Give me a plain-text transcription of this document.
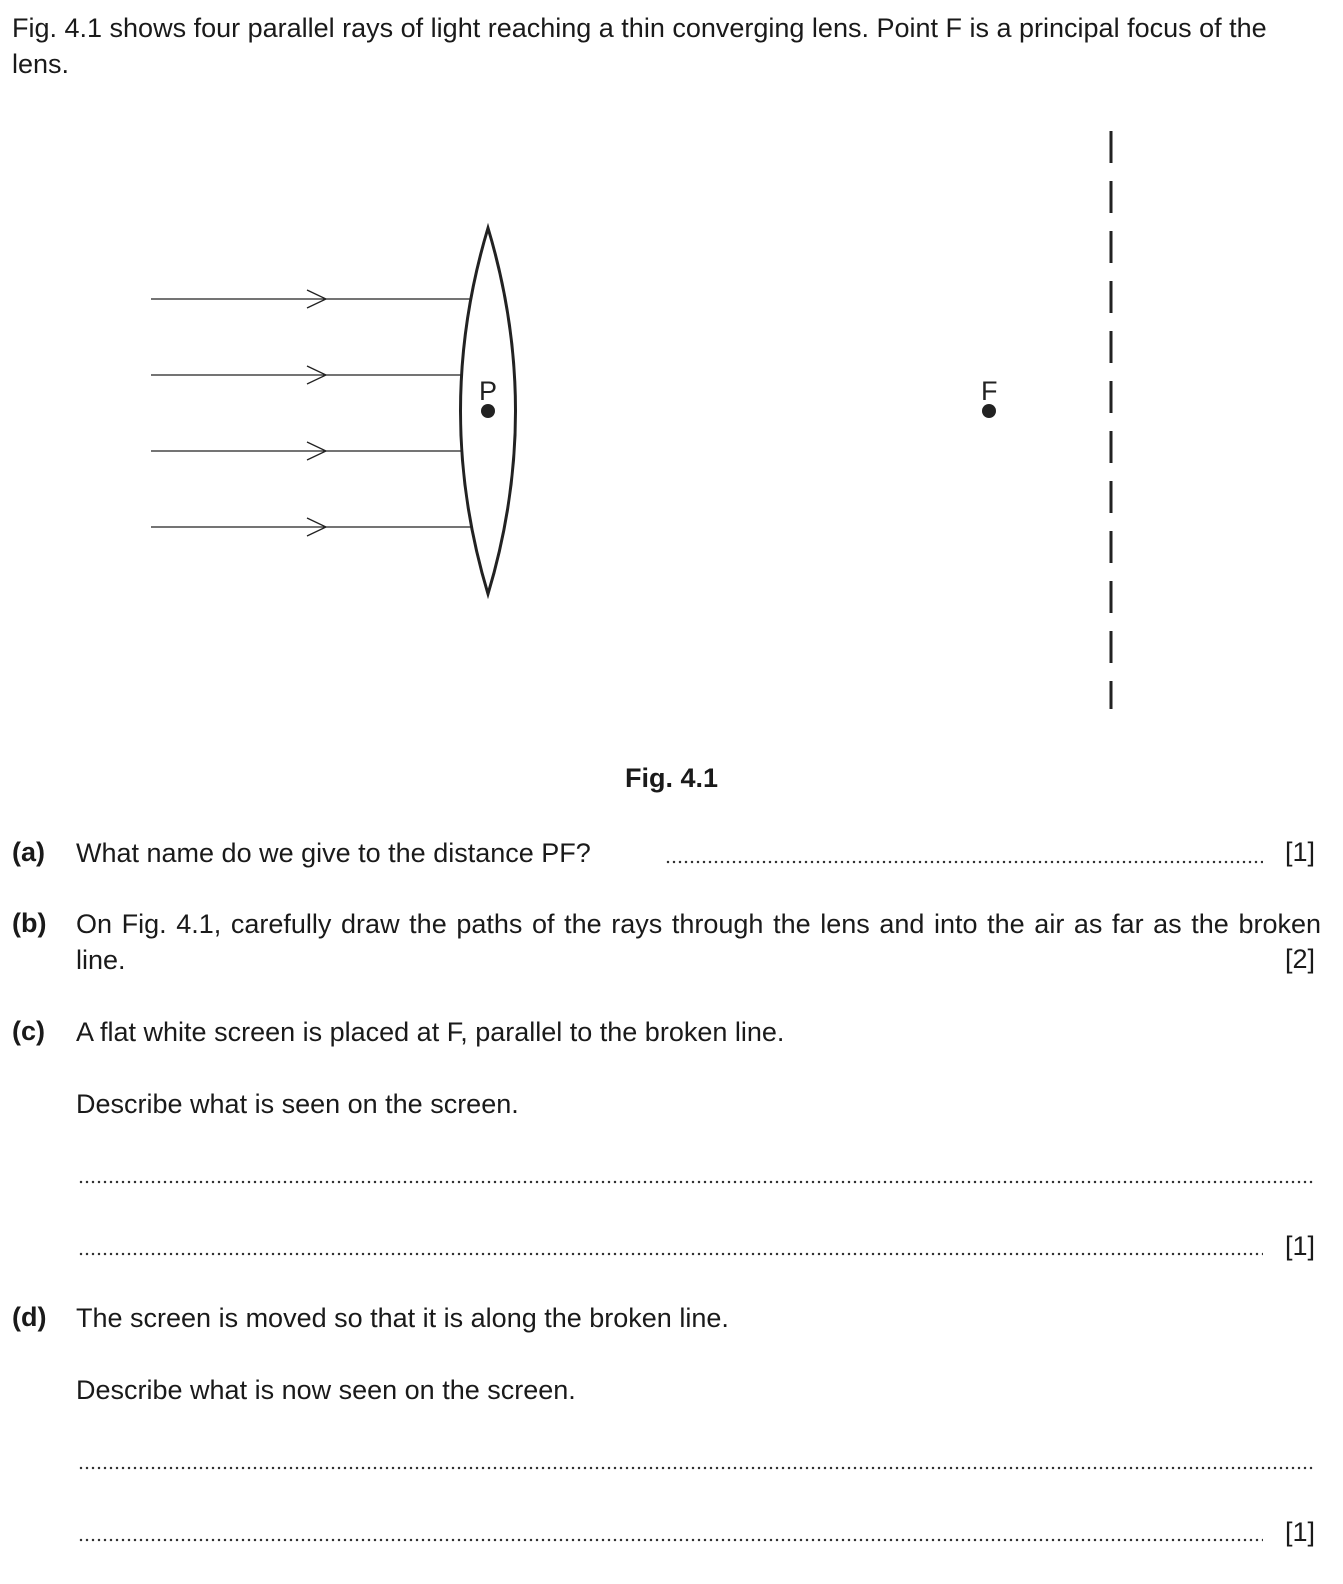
Fig. 4.1 shows four parallel rays of light reaching a thin converging lens. Point F is a principal focus of the lens.
P	F
Fig. 4.1
(a) What name do we give to the distance PF?	[1]
(b) On Fig. 4.1, carefully draw the paths of the rays through the lens and into the air as far as the broken line.	[2]
(c) A flat white screen is placed at F, parallel to the broken line.
Describe what is seen on the screen.
[1]
(d) The screen is moved so that it is along the broken line.
Describe what is now seen on the screen.
[1]
